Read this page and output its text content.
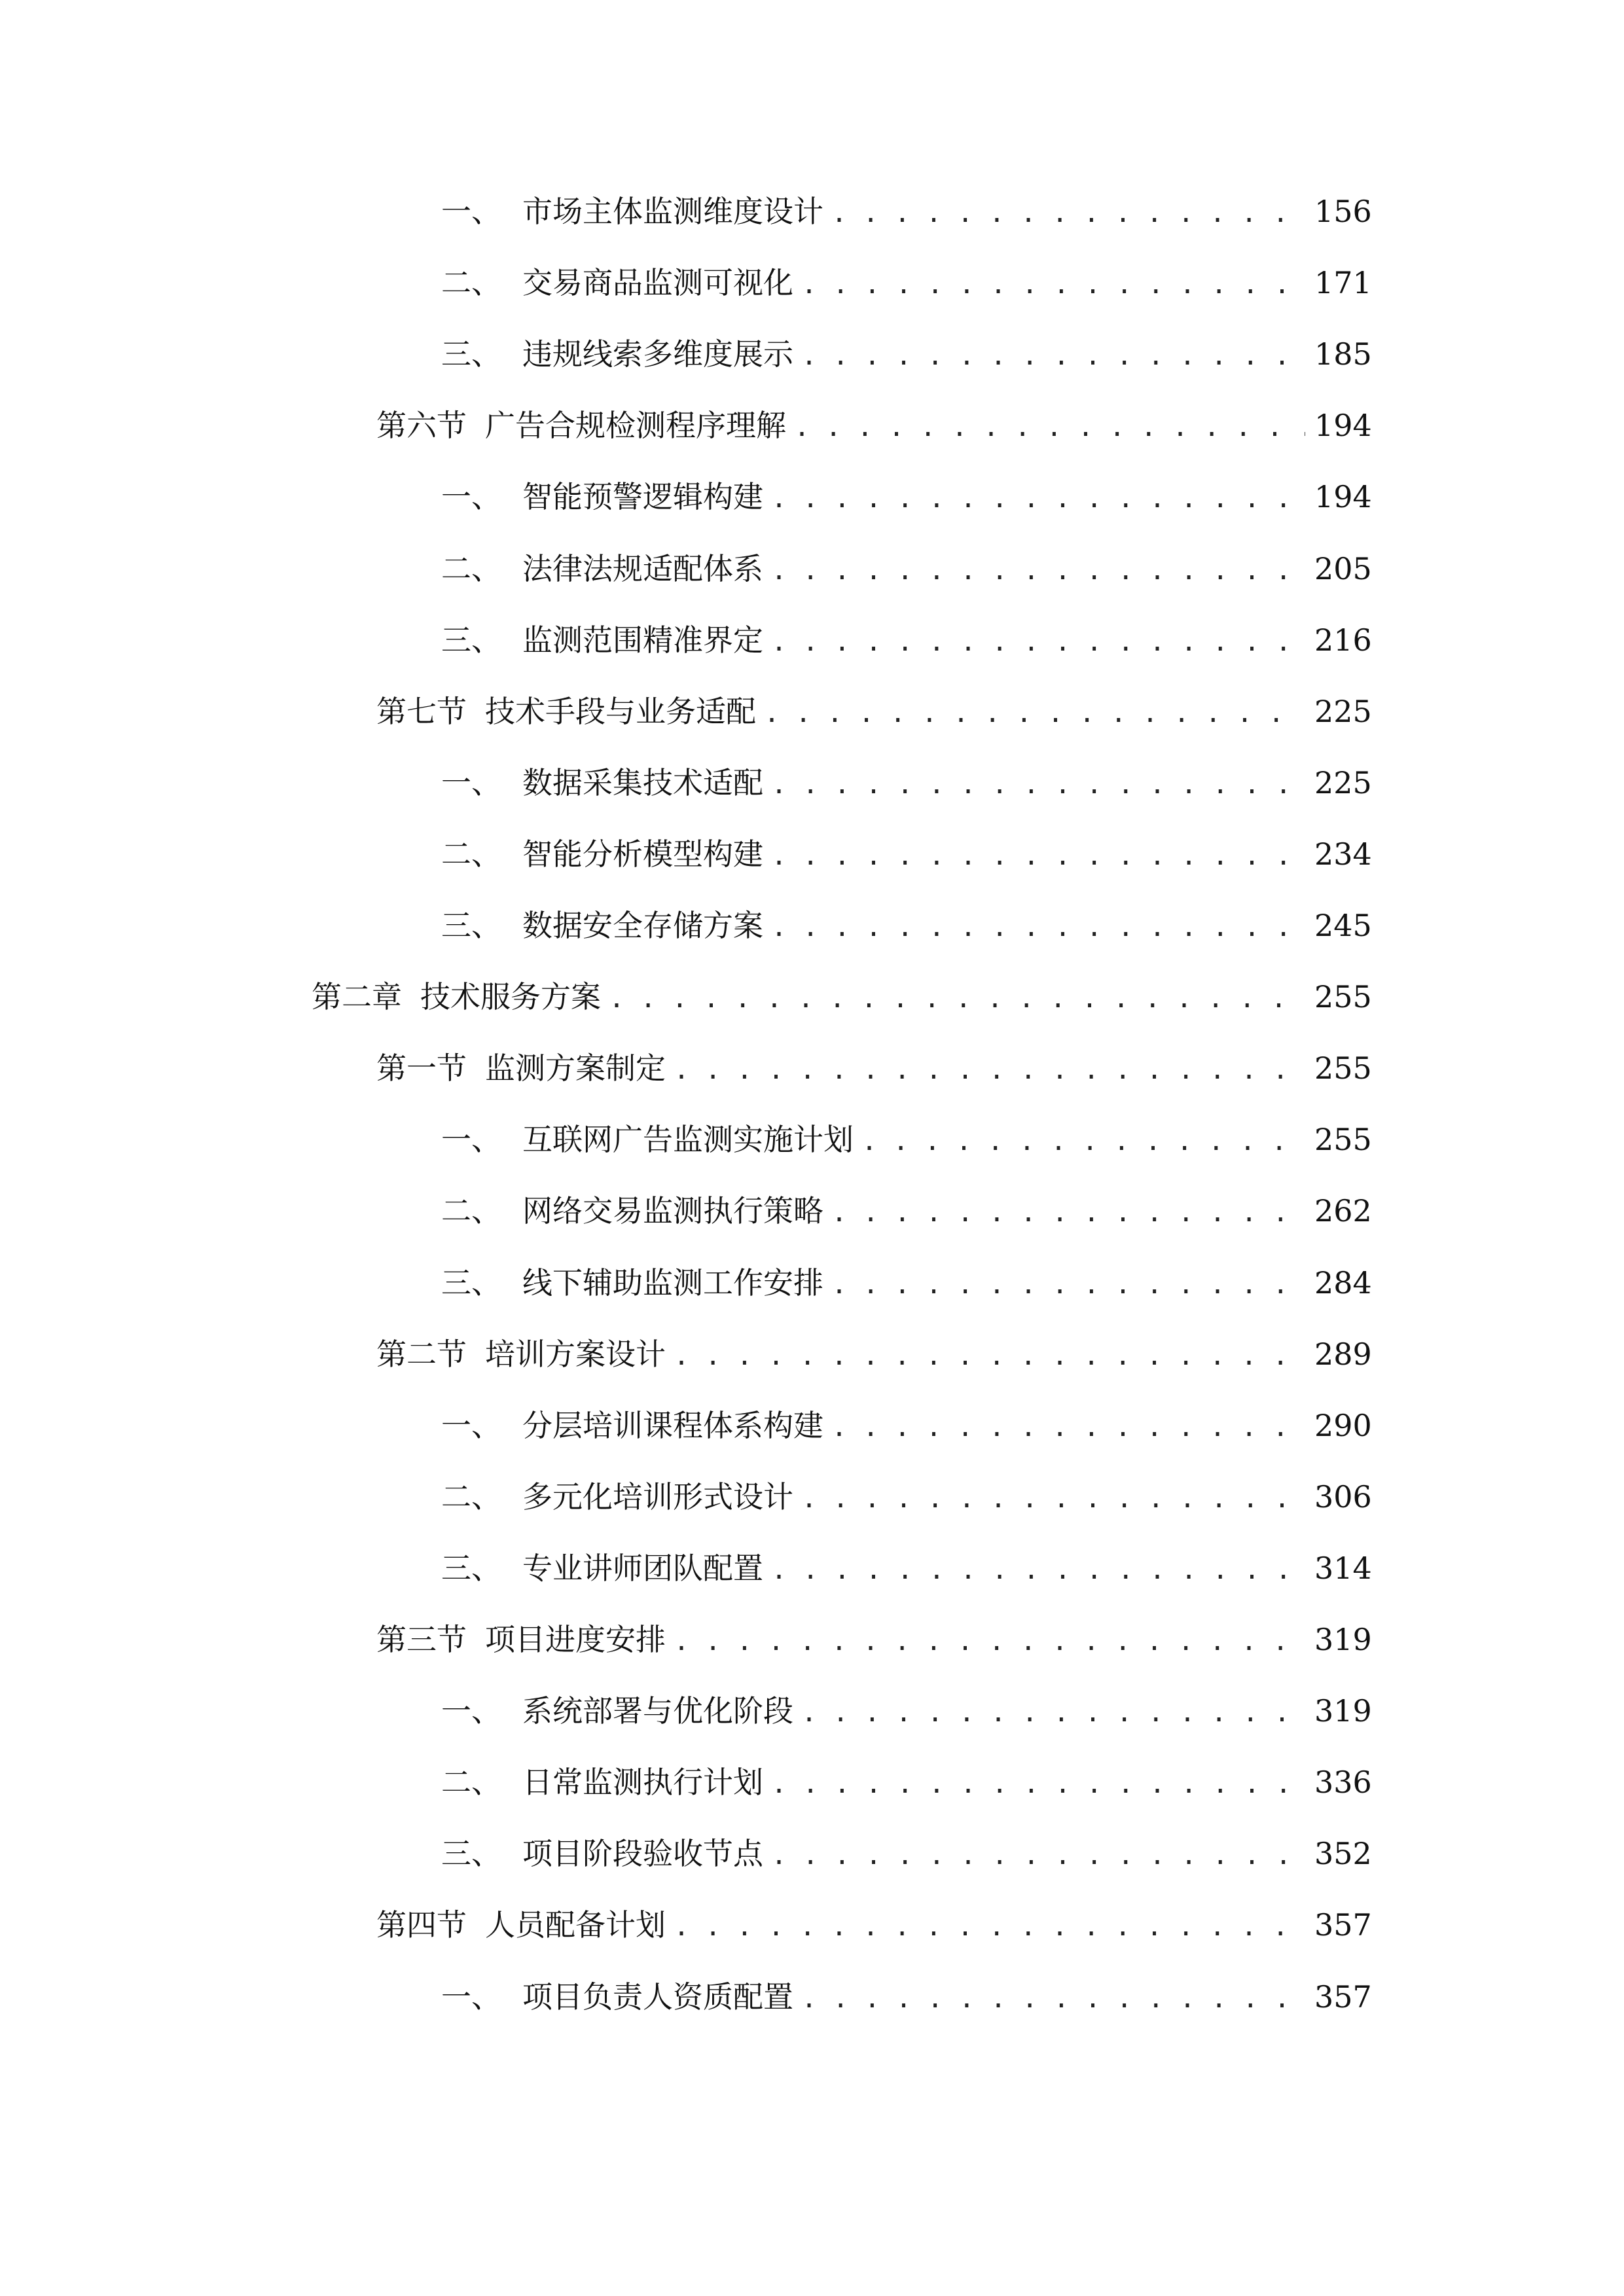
一、 市场主体监测维度设计 . . .	156
二、 交易商品监测可视化 . . .	171
三、 违规线索多维度展示 . . .	185
第六节 广告合规检测程序理解 . . .	194
一、 智能预警逻辑构建 . . .	194
二、 法律法规适配体系 . . .	205
三、 监测范围精准界定 . . .	216
第七节 技术手段与业务适配 . . .	225
一、 数据采集技术适配 . . .	225
二、 智能分析模型构建 . . .	234
三、 数据安全存储方案 . . .	245
第二章 技术服务方案 . . .	255
第一节 监测方案制定 . . .	255
一、 互联网广告监测实施计划 . . .	255
二、 网络交易监测执行策略 . . .	262
三、 线下辅助监测工作安排 . . .	284
第二节 培训方案设计 . . .	289
一、 分层培训课程体系构建 . . .	290
二、 多元化培训形式设计 . . .	306
三、 专业讲师团队配置 . . .	314
第三节 项目进度安排 . . .	319
一、 系统部署与优化阶段 . . .	319
二、 日常监测执行计划 . . .	336
三、 项目阶段验收节点 . . .	352
第四节 人员配备计划 . . .	357
一、 项目负责人资质配置 . . .	357
